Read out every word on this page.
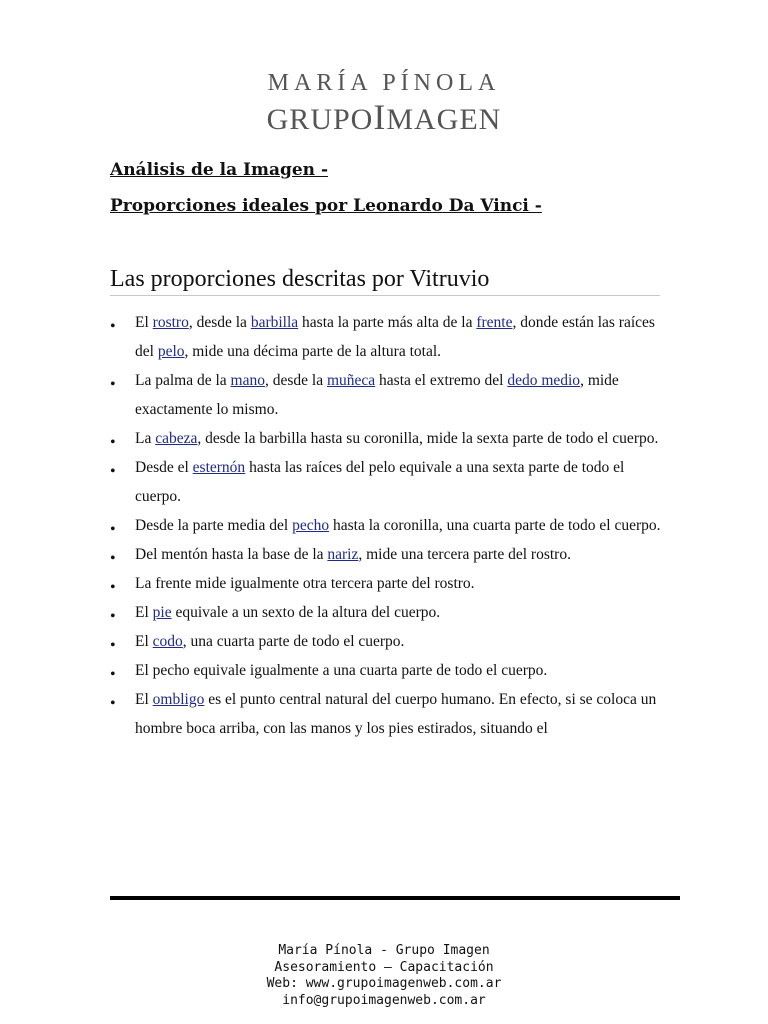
MARÍA PÍNOLA
GRUPOIMAGEN
Análisis de la Imagen -
Proporciones ideales por Leonardo Da Vinci -
Las proporciones descritas por Vitruvio
• El rostro, desde la barbilla hasta la parte más alta de la frente, donde están las raíces del pelo, mide una décima parte de la altura total.
• La palma de la mano, desde la muñeca hasta el extremo del dedo medio, mide exactamente lo mismo.
• La cabeza, desde la barbilla hasta su coronilla, mide la sexta parte de todo el cuerpo.
• Desde el esternón hasta las raíces del pelo equivale a una sexta parte de todo el cuerpo.
• Desde la parte media del pecho hasta la coronilla, una cuarta parte de todo el cuerpo.
• Del mentón hasta la base de la nariz, mide una tercera parte del rostro.
• La frente mide igualmente otra tercera parte del rostro.
• El pie equivale a un sexto de la altura del cuerpo.
• El codo, una cuarta parte de todo el cuerpo.
• El pecho equivale igualmente a una cuarta parte de todo el cuerpo.
• El ombligo es el punto central natural del cuerpo humano. En efecto, si se coloca un hombre boca arriba, con las manos y los pies estirados, situando el
María Pínola - Grupo Imagen
Asesoramiento – Capacitación
Web: www.grupoimagenweb.com.ar
info@grupoimagenweb.com.ar
